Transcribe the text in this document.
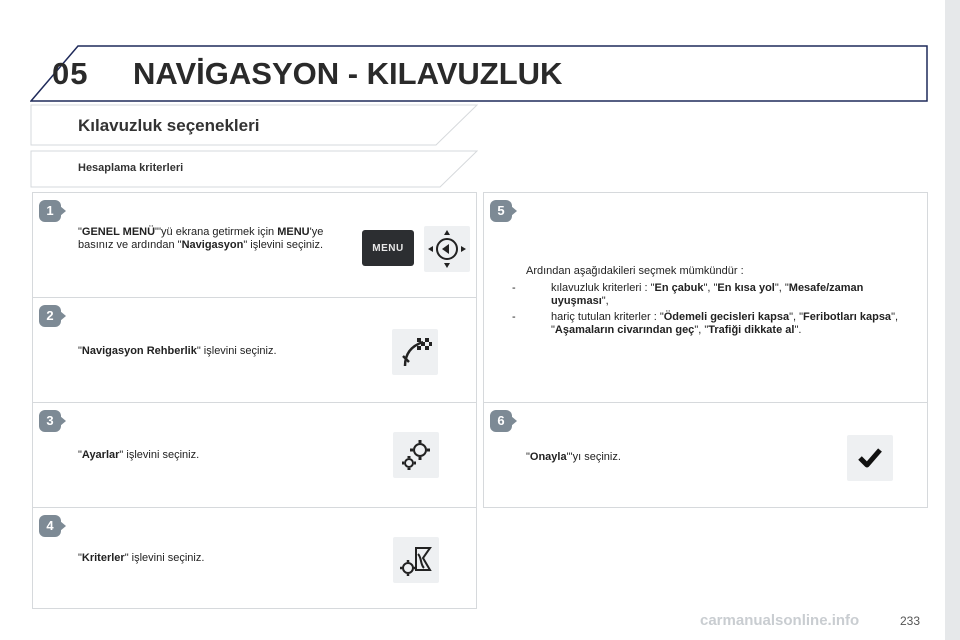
05 NAVİGASYON - KILAVUZLUK
Kılavuzluk seçenekleri
Hesaplama kriterleri
1
"GENEL MENÜ"'yü ekrana getirmek için MENU'ye basınız ve ardından "Navigasyon" işlevini seçiniz.	MENU
2
"Navigasyon Rehberlik" işlevini seçiniz.
3
"Ayarlar" işlevini seçiniz.
4
"Kriterler" işlevini seçiniz.
5
Ardından aşağıdakileri seçmek mümkündür :
-	kılavuzluk kriterleri : "En çabuk", "En kısa yol", "Mesafe/zaman uyuşması",
-	hariç tutulan kriterler : "Ödemeli gecisleri kapsa", "Feribotları kapsa", "Aşamaların civarından geç", "Trafiği dikkate al".
6
"Onayla"'yı seçiniz.
carmanualsonline.info	233
